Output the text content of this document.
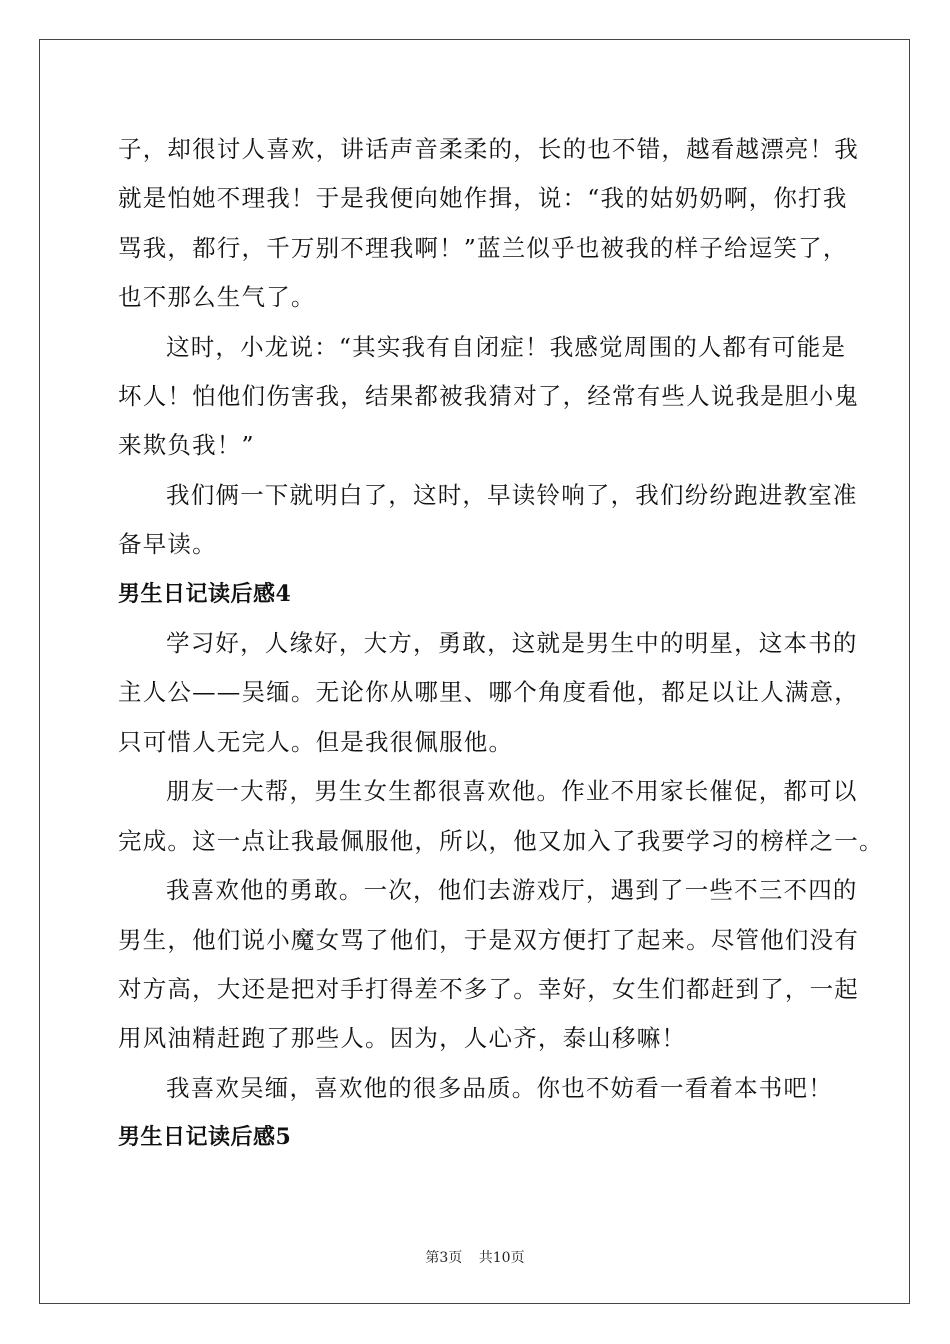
子，却很讨人喜欢，讲话声音柔柔的，长的也不错，越看越漂亮！我
就是怕她不理我！于是我便向她作揖，说：“我的姑奶奶啊，你打我
骂我，都行，千万别不理我啊！”蓝兰似乎也被我的样子给逗笑了，
也不那么生气了。

这时，小龙说：“其实我有自闭症！我感觉周围的人都有可能是
坏人！怕他们伤害我，结果都被我猜对了，经常有些人说我是胆小鬼
来欺负我！”

我们俩一下就明白了，这时，早读铃响了，我们纷纷跑进教室准
备早读。

男生日记读后感4

学习好，人缘好，大方，勇敢，这就是男生中的明星，这本书的
主人公——吴缅。无论你从哪里、哪个角度看他，都足以让人满意，
只可惜人无完人。但是我很佩服他。

朋友一大帮，男生女生都很喜欢他。作业不用家长催促，都可以
完成。这一点让我最佩服他，所以，他又加入了我要学习的榜样之一。

我喜欢他的勇敢。一次，他们去游戏厅，遇到了一些不三不四的
男生，他们说小魔女骂了他们，于是双方便打了起来。尽管他们没有
对方高，大还是把对手打得差不多了。幸好，女生们都赶到了，一起
用风油精赶跑了那些人。因为，人心齐，泰山移嘛！

我喜欢吴缅，喜欢他的很多品质。你也不妨看一看着本书吧！

男生日记读后感5
第3页 共10页
